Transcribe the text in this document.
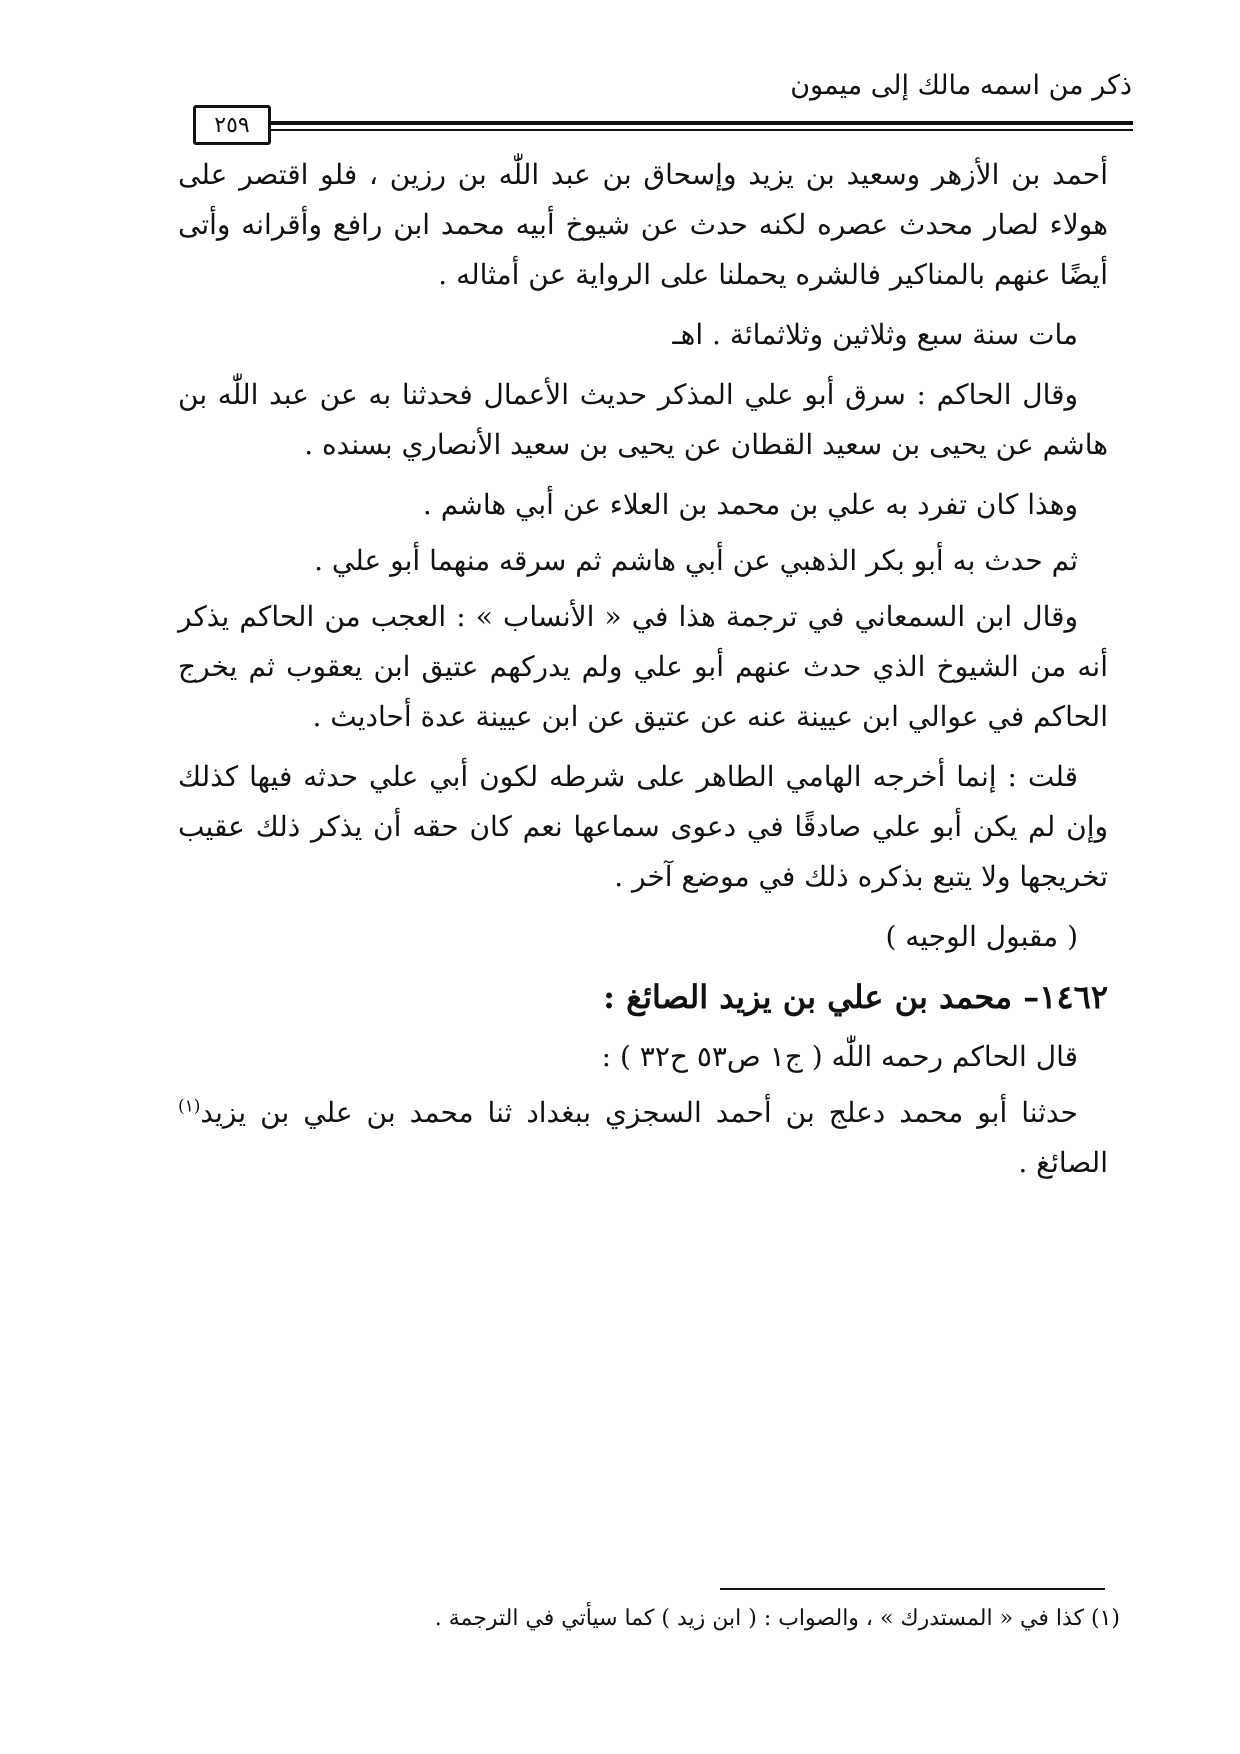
ذكر من اسمه مالك إلى ميمون
٢٥٩

أحمد بن الأزهر وسعيد بن يزيد وإسحاق بن عبد اللّٰه بن رزين ، فلو اقتصر على هولاء لصار محدث عصره لكنه حدث عن شيوخ أبيه محمد ابن رافع وأقرانه وأتى أيضًا عنهم بالمناكير فالشره يحملنا على الرواية عن أمثاله .

مات سنة سبع وثلاثين وثلاثمائة . اهـ

وقال الحاكم : سرق أبو علي المذكر حديث الأعمال فحدثنا به عن عبد اللّٰه بن هاشم عن يحيى بن سعيد القطان عن يحيى بن سعيد الأنصاري بسنده .

وهذا كان تفرد به علي بن محمد بن العلاء عن أبي هاشم .

ثم حدث به أبو بكر الذهبي عن أبي هاشم ثم سرقه منهما أبو علي .

وقال ابن السمعاني في ترجمة هذا في « الأنساب » : العجب من الحاكم يذكر أنه من الشيوخ الذي حدث عنهم أبو علي ولم يدركهم عتيق ابن يعقوب ثم يخرج الحاكم في عوالي ابن عيينة عنه عن عتيق عن ابن عيينة عدة أحاديث .

قلت : إنما أخرجه الهامي الطاهر على شرطه لكون أبي علي حدثه فيها كذلك وإن لم يكن أبو علي صادقًا في دعوى سماعها نعم كان حقه أن يذكر ذلك عقيب تخريجها ولا يتبع بذكره ذلك في موضع آخر .

( مقبول الوجيه )

١٤٦٢– محمد بن علي بن يزيد الصائغ :

قال الحاكم رحمه اللّٰه ( ج١ ص٥٣ ح٣٢ ) :

حدثنا أبو محمد دعلج بن أحمد السجزي ببغداد ثنا محمد بن علي بن يزيد$^{(١)}$ الصائغ .

(١) كذا في « المستدرك » ، والصواب : ( ابن زيد ) كما سيأتي في الترجمة .
